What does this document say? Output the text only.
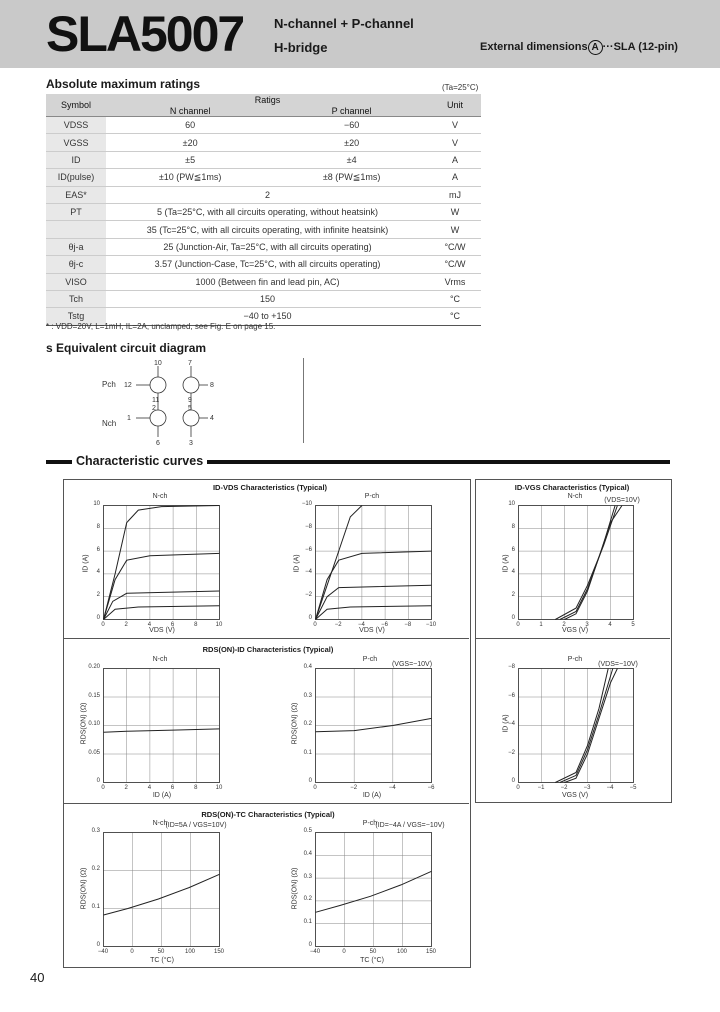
SLA5007 N-channel + P-channel
H-bridge	External dimensions A ···SLA (12-pin)
Absolute maximum ratings	(Ta=25°C)
Symbol	Ratigs		Unit
	N channel	P channel	
VDSS	60	−60	V
VGSS	±20	±20	V
ID	±5	±4	A
ID(pulse)	±10 (PW≦1ms)	±8 (PW≦1ms)	A
EAS*	2		mJ
PT	5 (Ta=25°C, with all circuits operating, without heatsink)		W
	35 (Tc=25°C, with all circuits operating, with infinite heatsink)		W
θj-a	25 (Junction-Air, Ta=25°C, with all circuits operating)		°C/W
θj-c	3.57 (Junction-Case, Tc=25°C, with all circuits operating)		°C/W
VISO	1000 (Between fin and lead pin, AC)		Vrms
Tch	150		°C
Tstg	−40 to +150		°C
* : VDD=20V, L=1mH, IL=2A, unclamped, see Fig. E on page 15.
s Equivalent circuit diagram
10	7
12	8
11	9
2	5
1	4
6	3
Pch
Nch
Characteristic curves
ID-VDS Characteristics (Typical)	ID-VGS Characteristics (Typical)
RDS(ON)-ID Characteristics (Typical)
RDS(ON)-TC Characteristics (Typical)
N-ch	P-ch	N-ch
N-ch	P-ch	P-ch
N-ch	P-ch
(VDS=10V)
(VGS=−10V)	(VDS=−10V)
(ID=5A / VGS=10V)	(ID=−4A / VGS=−10V)
VDS (V)	VDS (V)	VGS (V)
ID (A)	ID (A)	VGS (V)
TC (°C)	TC (°C)
ID (A)	ID (A)	ID (A)
RDS(ON) (Ω)	RDS(ON) (Ω)	ID (A)
RDS(ON) (Ω)	RDS(ON) (Ω)
40
0	2	4	6	8	10
0
2
4
6
8
10
0	−2	−4	−6	−8 −10
0
−2
−4
−6
−8
−10
0	1	2	3	4	5
0
2
4
6
8
10
0	2	4	6	8	10
0
0.05
0.10
0.15
0.20
0	−2	−4	−6
0
0.1
0.2
0.3
0.4
0	−1	−2	−3	−4	−5
0
−2
−4
−6
−8
−40	0	50	100	150
0
0.1
0.2
0.3
−40	0	50	100	150
0
0.1
0.2
0.3
0.4
0.5
